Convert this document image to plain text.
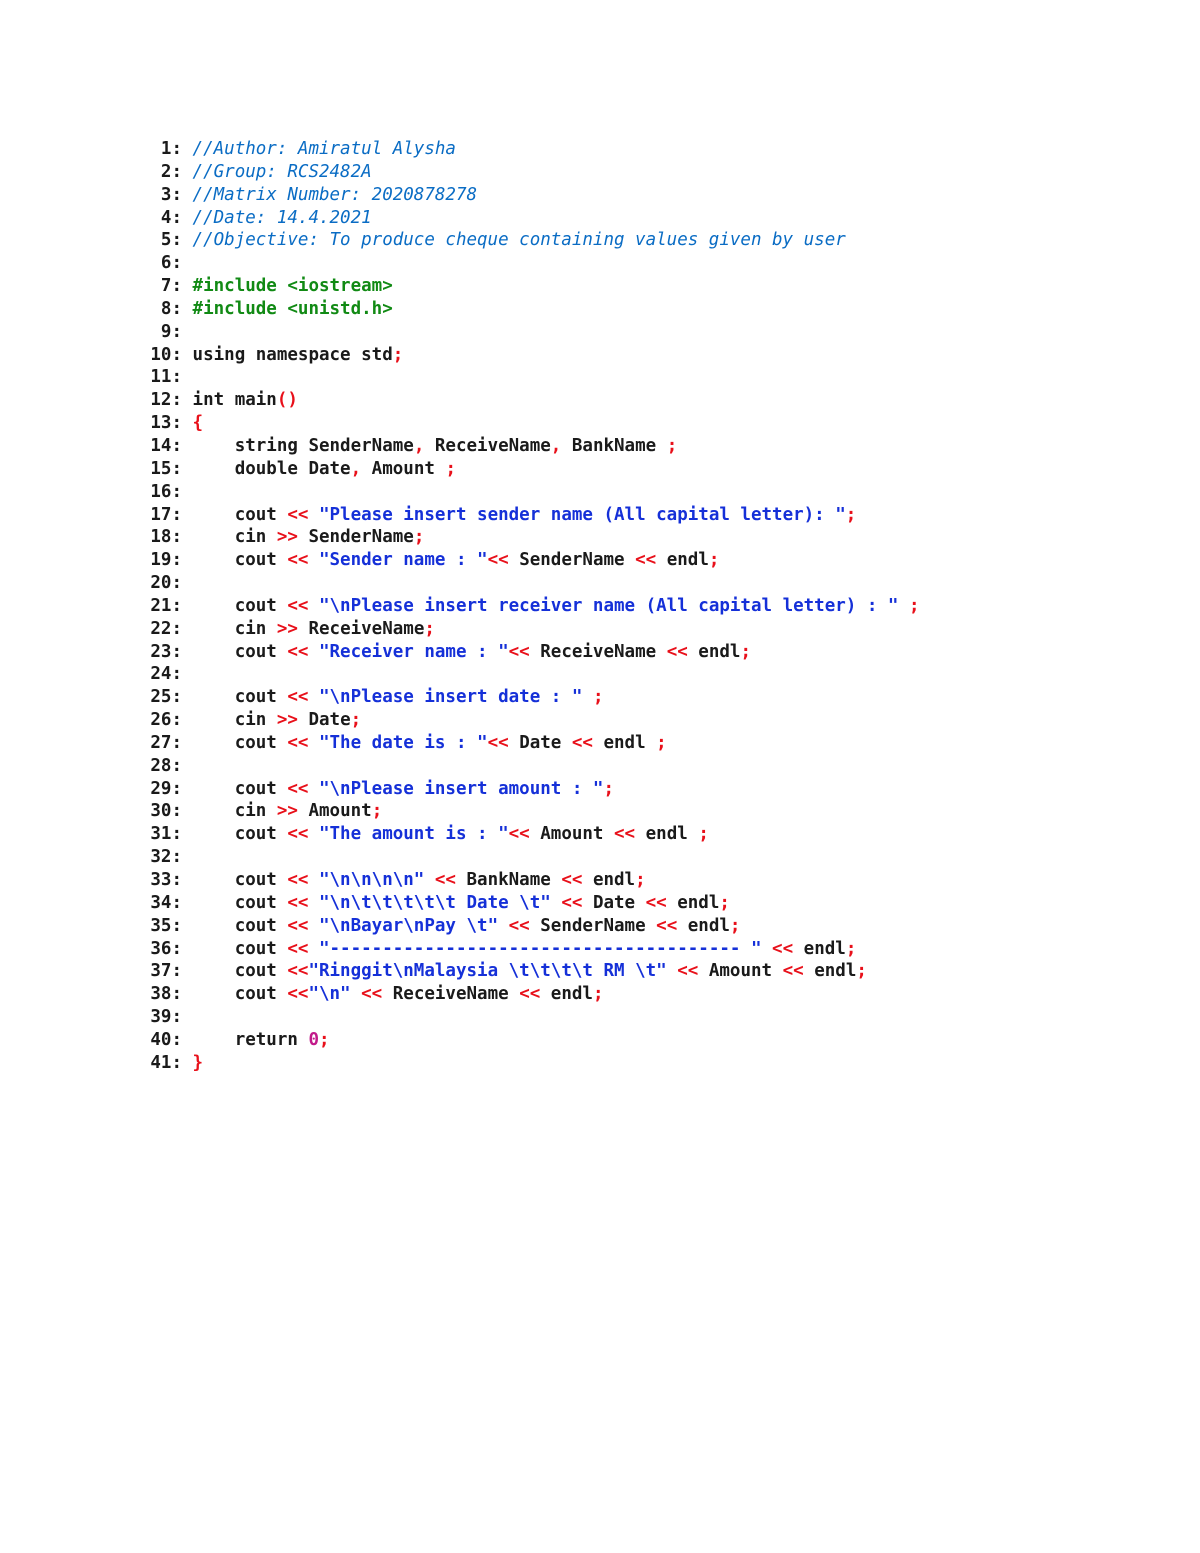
1: //Author: Amiratul Alysha
2: //Group: RCS2482A
3: //Matrix Number: 2020878278
4: //Date: 14.4.2021
5: //Objective: To produce cheque containing values given by user
6:
7: #include <iostream>
8: #include <unistd.h>
9:
10: using namespace std;
11:
12: int main()
13: {
14:     string SenderName, ReceiveName, BankName ;
15:     double Date, Amount ;
16:
17:     cout << "Please insert sender name (All capital letter): ";
18:     cin >> SenderName;
19:     cout << "Sender name : "<< SenderName << endl;
20:
21:     cout << "\nPlease insert receiver name (All capital letter) : " ;
22:     cin >> ReceiveName;
23:     cout << "Receiver name : "<< ReceiveName << endl;
24:
25:     cout << "\nPlease insert date : " ;
26:     cin >> Date;
27:     cout << "The date is : "<< Date << endl ;
28:
29:     cout << "\nPlease insert amount : ";
30:     cin >> Amount;
31:     cout << "The amount is : "<< Amount << endl ;
32:
33:     cout << "\n\n\n\n" << BankName << endl;
34:     cout << "\n\t\t\t\t\t Date \t" << Date << endl;
35:     cout << "\nBayar\nPay \t" << SenderName << endl;
36:     cout << "--------------------------------------- " << endl;
37:     cout <<"Ringgit\nMalaysia \t\t\t\t RM \t" << Amount << endl;
38:     cout <<"\n" << ReceiveName << endl;
39:
40:     return 0;
41: }
